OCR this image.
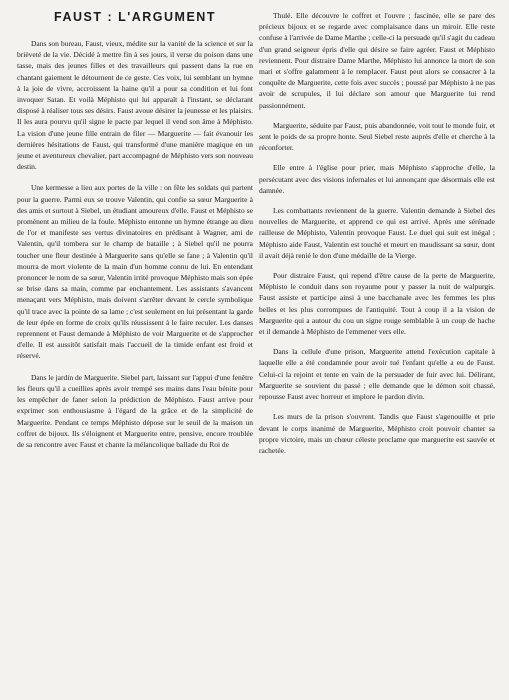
FAUST : L'ARGUMENT

Dans son bureau, Faust, vieux, médite sur la vanité de la science et sur la brièveté de la vie. Décidé à mettre fin à ses jours, il verse du poison dans une tasse, mais des jeunes filles et des travailleurs qui passent dans la rue en chantant gaiement le détournent de ce geste. Ces voix, lui semblant un hymne à la joie de vivre, accroissent la haine qu'il a pour sa condition et lui font invoquer Satan. Et voilà Méphisto qui lui apparaît à l'instant, se déclarant disposé à réaliser tous ses désirs. Faust avoue désirer la jeunesse et les plaisirs. Il les aura pourvu qu'il signe le pacte par lequel il vend son âme à Méphisto. La vision d'une jeune fille entrain de filer — Marguerite — fait évanouir les dernières hésitations de Faust, qui transformé d'une manière magique en un jeune et aventureux chevalier, part accompagné de Méphisto vers son nouveau destin.

Une kermesse a lieu aux portes de la ville : on fête les soldats qui partent pour la guerre. Parmi eux se trouve Valentin, qui confie sa sœur Marguerite à des amis et surtout à Siebel, un étudiant amoureux d'elle. Faust et Méphisto se promènent au milieu de la foule. Méphisto entonne un hymne étrange au dieu de l'or et manifeste ses vertus divinatoires en prédisant à Wagner, ami de Valentin, qu'il tombera sur le champ de bataille ; à Siebel qu'il ne pourra toucher une fleur destinée à Marguerite sans qu'elle se fane ; à Valentin qu'il mourra de mort violente de la main d'un homme connu de lui. En entendant prononcer le nom de sa sœur, Valentin irrité provoque Méphisto mais son épée se brise dans sa main, comme par enchantement. Les assistants s'avancent menaçant vers Méphisto, mais doivent s'arrêter devant le cercle symbolique qu'il trace avec la pointe de sa lame ; c'est seulement en lui présentant la garde de leur épée en forme de croix qu'ils réussissent à le faire reculer. Les danses reprennent et Faust demande à Méphisto de voir Marguerite et de s'approcher d'elle. Il est aussitôt satisfait mais l'accueil de la timide enfant est froid et réservé.

Dans le jardin de Marguerite. Siebel part, laissant sur l'appui d'une fenêtre les fleurs qu'il a cueillies après avoir trempé ses mains dans l'eau bénite pour les empêcher de faner selon la prédiction de Méphisto. Faust arrive pour exprimer son enthousiasme à l'égard de la grâce et de la simplicité de Marguerite. Pendant ce temps Méphisto dépose sur le seuil de la maison un coffret de bijoux. Ils s'éloignent et Marguerite entre, pensive, encore troublée de sa rencontre avec Faust et chante la mélancolique ballade du Roi de

Thulé. Elle découvre le coffret et l'ouvre ; fascinée, elle se pare des précieux bijoux et se regarde avec complaisance dans un miroir. Elle reste confuse à l'arrivée de Dame Marthe ; celle-ci la persuade qu'il s'agit du cadeau d'un grand seigneur épris d'elle qui désire se faire agréer. Faust et Méphisto reviennent. Pour distraire Dame Marthe, Méphisto lui annonce la mort de son mari et s'offre galamment à le remplacer. Faust peut alors se consacrer à la conquête de Marguerite, cette fois avec succès ; poussé par Méphisto à ne pas avoir de scrupules, il lui déclare son amour que Marguerite lui rend passionnément.

Marguerite, séduite par Faust, puis abandonnée, voit tout le monde fuir, et sent le poids de sa propre honte. Seul Siebel reste auprès d'elle et cherche à la réconforter.

Elle entre à l'église pour prier, mais Méphisto s'approche d'elle, la persécutant avec des visions infernales et lui annonçant que désormais elle est damnée.

Les combattants reviennent de la guerre. Valentin demande à Siebel des nouvelles de Marguerite, et apprend ce qui est arrivé. Après une sérénade railleuse de Méphisto, Valentin provoque Faust. Le duel qui suit est inégal ; Méphisto aide Faust, Valentin est touché et meurt en maudissant sa sœur, dont il avait déjà renié le don d'une médaille de la Vierge.

Pour distraire Faust, qui repend d'être cause de la perte de Marguerite, Méphisto le conduit dans son royaume pour y passer la nuit de walpurgis. Faust assiste et participe ainsi à une bacchanale avec les femmes les plus belles et les plus corrompues de l'antiquité. Tout à coup il a la vision de Marguerite qui a autour du cou un signe rouge semblable à un coup de hache et il demande à Méphisto de l'emmener vers elle.

Dans la cellule d'une prison, Marguerite attend l'exécution capitale à laquelle elle a été condamnée pour avoir tué l'enfant qu'elle a eu de Faust. Celui-ci la rejoint et tente en vain de la persuader de fuir avec lui. Délirant, Marguerite se souvient du passé ; elle demande que le démon soit chassé, repousse Faust avec horreur et implore le pardon divin.

Les murs de la prison s'ouvrent. Tandis que Faust s'agenouille et prie devant le corps inanimé de Marguerite, Méphisto croit pouvoir chanter sa propre victoire, mais un chœur céleste proclame que marguerite est sauvée et rachetée.
